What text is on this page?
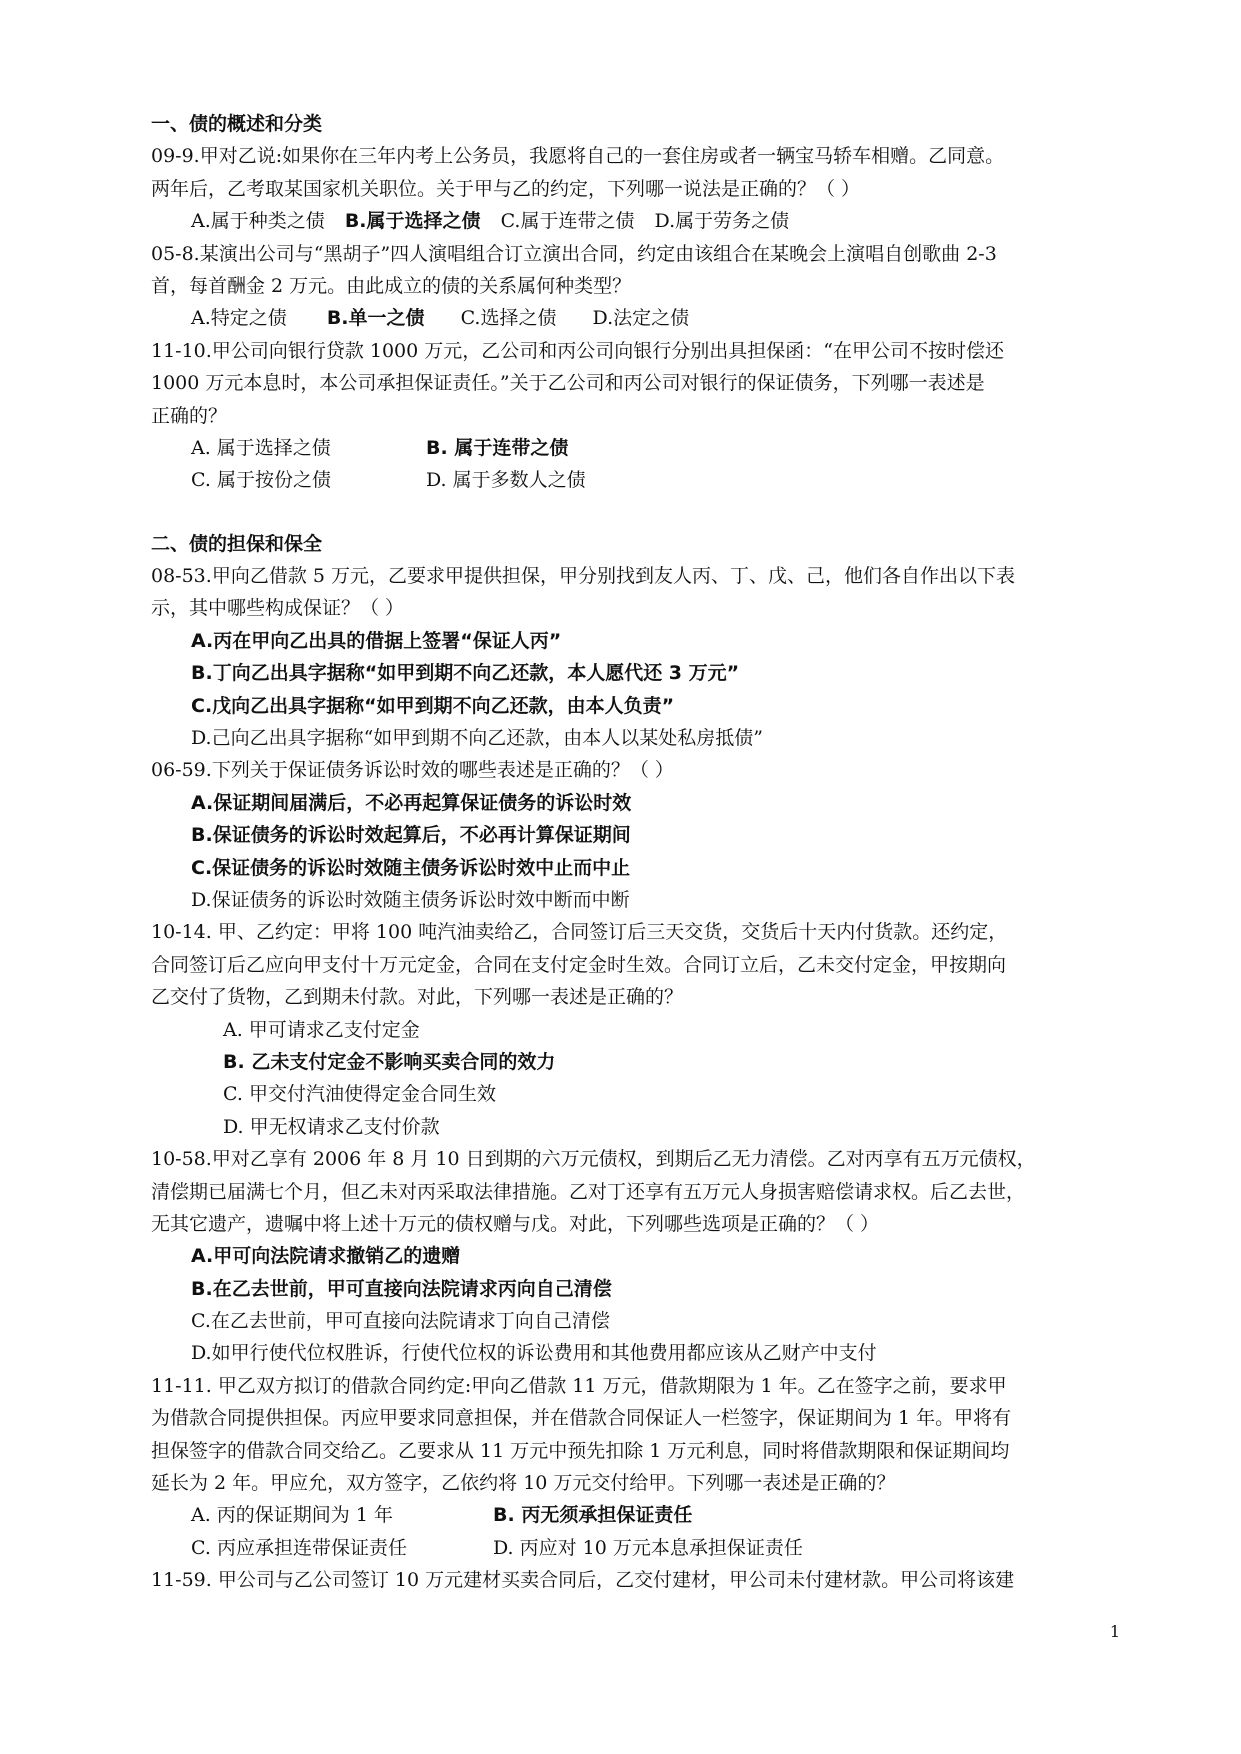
一、债的概述和分类
09-9.甲对乙说:如果你在三年内考上公务员，我愿将自己的一套住房或者一辆宝马轿车相赠。乙同意。
两年后，乙考取某国家机关职位。关于甲与乙的约定，下列哪一说法是正确的？（ ）
A.属于种类之债 B.属于选择之债 C.属于连带之债 D.属于劳务之债
05-8.某演出公司与“黑胡子”四人演唱组合订立演出合同，约定由该组合在某晚会上演唱自创歌曲 2-3
首，每首酬金 2 万元。由此成立的债的关系属何种类型？
A.特定之债 B.单一之债 C.选择之债 D.法定之债
11-10.甲公司向银行贷款 1000 万元，乙公司和丙公司向银行分别出具担保函：“在甲公司不按时偿还
1000 万元本息时，本公司承担保证责任。”关于乙公司和丙公司对银行的保证债务，下列哪一表述是
正确的？
A. 属于选择之债	B. 属于连带之债
C. 属于按份之债	D. 属于多数人之债
二、债的担保和保全
08-53.甲向乙借款 5 万元，乙要求甲提供担保，甲分别找到友人丙、丁、戊、己，他们各自作出以下表
示，其中哪些构成保证？（ ）
A.丙在甲向乙出具的借据上签署“保证人丙”
B.丁向乙出具字据称“如甲到期不向乙还款，本人愿代还 3 万元”
C.戊向乙出具字据称“如甲到期不向乙还款，由本人负责”
D.己向乙出具字据称“如甲到期不向乙还款，由本人以某处私房抵债”
06-59.下列关于保证债务诉讼时效的哪些表述是正确的？（ ）
A.保证期间届满后，不必再起算保证债务的诉讼时效
B.保证债务的诉讼时效起算后，不必再计算保证期间
C.保证债务的诉讼时效随主债务诉讼时效中止而中止
D.保证债务的诉讼时效随主债务诉讼时效中断而中断
10-14. 甲、乙约定：甲将 100 吨汽油卖给乙，合同签订后三天交货，交货后十天内付货款。还约定，
合同签订后乙应向甲支付十万元定金，合同在支付定金时生效。合同订立后，乙未交付定金，甲按期向
乙交付了货物，乙到期未付款。对此，下列哪一表述是正确的？
A. 甲可请求乙支付定金
B. 乙未支付定金不影响买卖合同的效力
C. 甲交付汽油使得定金合同生效
D. 甲无权请求乙支付价款
10-58.甲对乙享有 2006 年 8 月 10 日到期的六万元债权，到期后乙无力清偿。乙对丙享有五万元债权，
清偿期已届满七个月，但乙未对丙采取法律措施。乙对丁还享有五万元人身损害赔偿请求权。后乙去世，
无其它遗产，遗嘱中将上述十万元的债权赠与戊。对此，下列哪些选项是正确的？（ ）
A.甲可向法院请求撤销乙的遗赠
B.在乙去世前，甲可直接向法院请求丙向自己清偿
C.在乙去世前，甲可直接向法院请求丁向自己清偿
D.如甲行使代位权胜诉，行使代位权的诉讼费用和其他费用都应该从乙财产中支付
11-11. 甲乙双方拟订的借款合同约定:甲向乙借款 11 万元，借款期限为 1 年。乙在签字之前，要求甲
为借款合同提供担保。丙应甲要求同意担保，并在借款合同保证人一栏签字，保证期间为 1 年。甲将有
担保签字的借款合同交给乙。乙要求从 11 万元中预先扣除 1 万元利息，同时将借款期限和保证期间均
延长为 2 年。甲应允，双方签字，乙依约将 10 万元交付给甲。下列哪一表述是正确的？
A. 丙的保证期间为 1 年	B. 丙无须承担保证责任
C. 丙应承担连带保证责任	D. 丙应对 10 万元本息承担保证责任
11-59. 甲公司与乙公司签订 10 万元建材买卖合同后，乙交付建材，甲公司未付建材款。甲公司将该建
1
